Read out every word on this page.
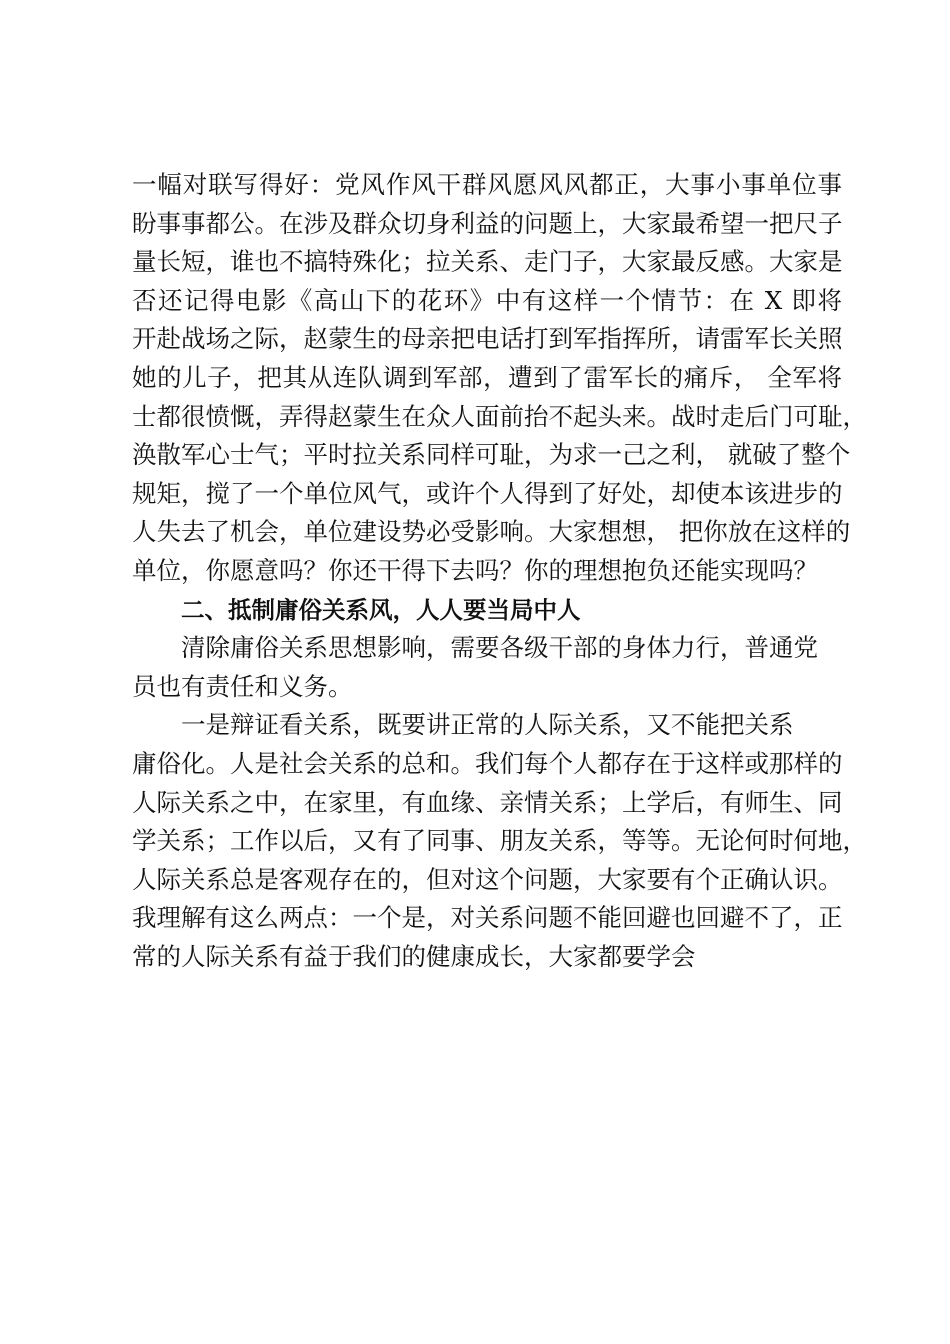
一幅对联写得好：党风作风干群风愿风风都正，大事小事单位事
盼事事都公。在涉及群众切身利益的问题上，大家最希望一把尺子
量长短，谁也不搞特殊化；拉关系、走门子，大家最反感。大家是
否还记得电影《高山下的花环》中有这样一个情节：在 X 即将
开赴战场之际，赵蒙生的母亲把电话打到军指挥所，请雷军长关照
她的儿子，把其从连队调到军部，遭到了雷军长的痛斥， 全军将
士都很愤慨，弄得赵蒙生在众人面前抬不起头来。战时走后门可耻，
涣散军心士气；平时拉关系同样可耻，为求一己之利， 就破了整个
规矩，搅了一个单位风气，或许个人得到了好处，却使本该进步的
人失去了机会，单位建设势必受影响。大家想想， 把你放在这样的
单位，你愿意吗？你还干得下去吗？你的理想抱负还能实现吗？
二、抵制庸俗关系风，人人要当局中人
清除庸俗关系思想影响，需要各级干部的身体力行，普通党
员也有责任和义务。
一是辩证看关系，既要讲正常的人际关系，又不能把关系
庸俗化。人是社会关系的总和。我们每个人都存在于这样或那样的
人际关系之中，在家里，有血缘、亲情关系；上学后，有师生、同
学关系；工作以后，又有了同事、朋友关系，等等。无论何时何地，
人际关系总是客观存在的，但对这个问题，大家要有个正确认识。
我理解有这么两点：一个是，对关系问题不能回避也回避不了，正
常的人际关系有益于我们的健康成长，大家都要学会
